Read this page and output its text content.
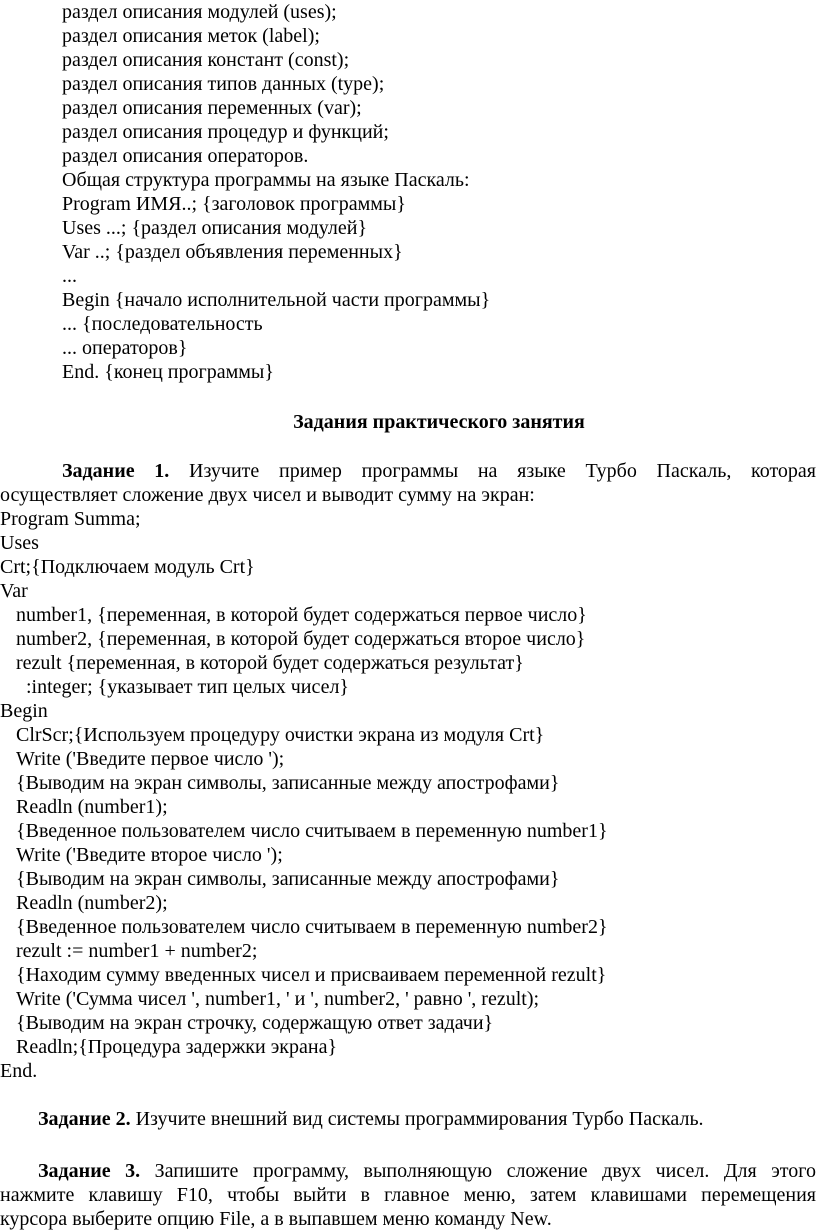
раздел описания модулей (uses);
раздел описания меток (label);
раздел описания констант (const);
раздел описания типов данных (type);
раздел описания переменных (var);
раздел описания процедур и функций;
раздел описания операторов.
Общая структура программы на языке Паскаль:
Program ИМЯ..; {заголовок программы}
Uses ...; {раздел описания модулей}
Var ..; {раздел объявления переменных}
...
Begin {начало исполнительной части программы}
... {последовательность
... операторов}
End. {конец программы}
Задания практического занятия
Задание 1. Изучите пример программы на языке Турбо Паскаль, которая
осуществляет сложение двух чисел и выводит сумму на экран:
Program Summa;
Uses
Crt;{Подключаем модуль Crt}
Var
number1, {переменная, в которой будет содержаться первое число}
number2, {переменная, в которой будет содержаться второе число}
rezult {переменная, в которой будет содержаться результат}
:integer; {указывает тип целых чисел}
Begin
ClrScr;{Используем процедуру очистки экрана из модуля Crt}
Write ('Введите первое число ');
{Выводим на экран символы, записанные между апострофами}
Readln (number1);
{Введенное пользователем число считываем в переменную number1}
Write ('Введите второе число ');
{Выводим на экран символы, записанные между апострофами}
Readln (number2);
{Введенное пользователем число считываем в переменную number2}
rezult := number1 + number2;
{Находим сумму введенных чисел и присваиваем переменной rezult}
Write ('Сумма чисел ', number1, ' и ', number2, ' равно ', rezult);
{Выводим на экран строчку, содержащую ответ задачи}
Readln;{Процедура задержки экрана}
End.
Задание 2. Изучите внешний вид системы программирования Турбо Паскаль.
Задание 3. Запишите программу, выполняющую сложение двух чисел. Для этого
нажмите клавишу F10, чтобы выйти в главное меню, затем клавишами перемещения
курсора выберите опцию File, а в выпавшем меню команду New.
